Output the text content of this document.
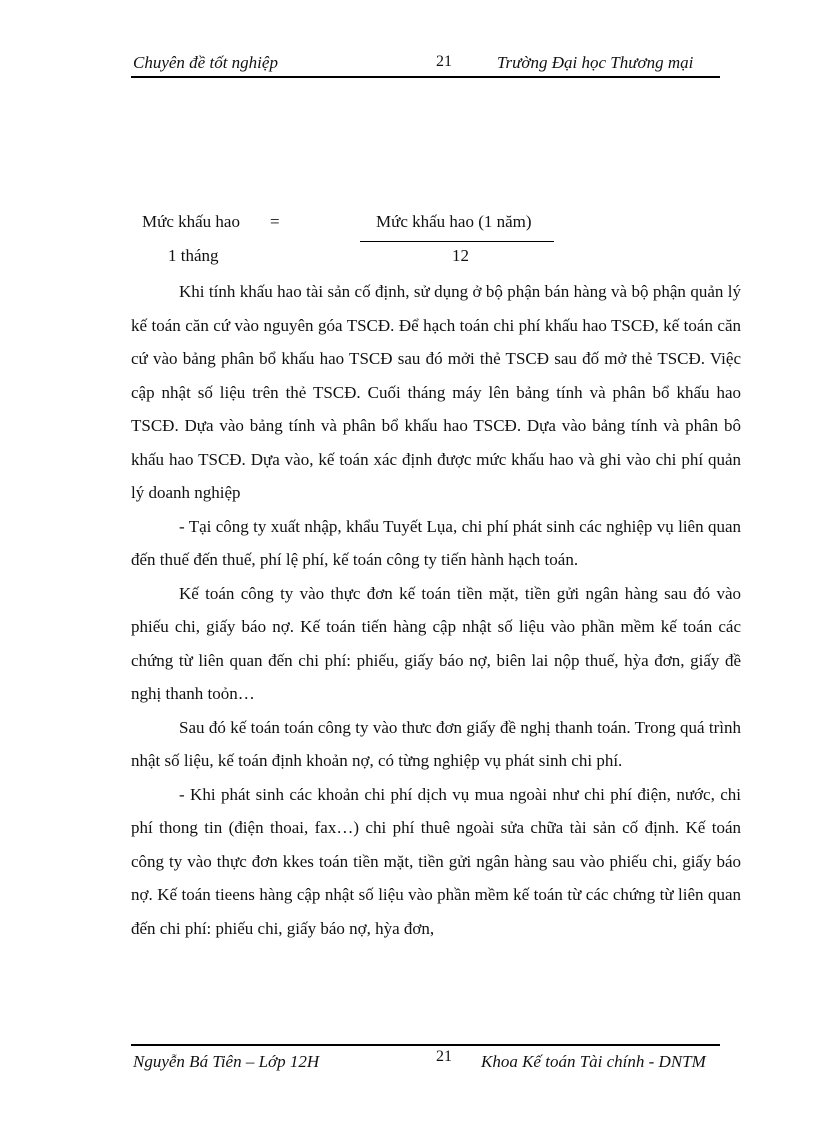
Chuyên đề tốt nghiệp	21	Trường Đại học Thương mại
Mức khấu hao
1 tháng
=	Mức khấu hao (1 năm)
12

Khi tính khấu hao tài sản cố định, sử dụng ở bộ phận bán hàng và bộ phận quản lý kế toán căn cứ vào nguyên góa TSCĐ. Để hạch toán chi phí khấu hao TSCĐ, kế toán căn cứ vào bảng phân bổ khấu hao TSCĐ sau đó mởi thẻ TSCĐ sau đố mở thẻ TSCĐ. Việc cập nhật số liệu trên thẻ TSCĐ. Cuối tháng máy lên bảng tính và phân bổ khấu hao TSCĐ. Dựa vào bảng tính và phân bổ khấu hao TSCĐ. Dựa vào bảng tính và phân bô khấu hao TSCĐ. Dựa vào, kế toán xác định được mức khấu hao và ghi vào chi phí quản lý doanh nghiệp

- Tại công ty xuất nhập, khẩu Tuyết Lụa, chi phí phát sinh các nghiệp vụ liên quan đến thuế đến thuế, phí lệ phí, kế toán công ty tiến hành hạch toán.

Kế toán công ty vào thực đơn kế toán tiền mặt, tiền gửi ngân hàng sau đó vào phiếu chi, giấy báo nợ. Kế toán tiến hàng cập nhật số liệu vào phần mềm kế toán các chứng từ liên quan đến chi phí: phiếu, giấy báo nợ, biên lai nộp thuế, hỳa đơn, giấy đề nghị thanh toỏn…

Sau đó kế toán toán công ty vào thưc đơn giấy đề nghị thanh toán. Trong quá trình nhật số liệu, kế toán định khoản nợ, có từng nghiệp vụ phát sinh chi phí.

- Khi phát sinh các khoản chi phí dịch vụ mua ngoài như chi phí điện, nước, chi phí thong tin (điện thoai, fax…) chi phí thuê ngoài sửa chữa tài sản cố định. Kế toán công ty vào thực đơn kkes toán tiền mặt, tiền gửi ngân hàng sau vào phiếu chi, giấy báo nợ. Kế toán tieens hàng cập nhật số liệu vào phần mềm kế toán từ các chứng từ liên quan đến chi phí: phiếu chi, giấy báo nợ, hỳa đơn,

Nguyễn Bá Tiên – Lớp 12H	21 Khoa Kế toán Tài chính - DNTM
